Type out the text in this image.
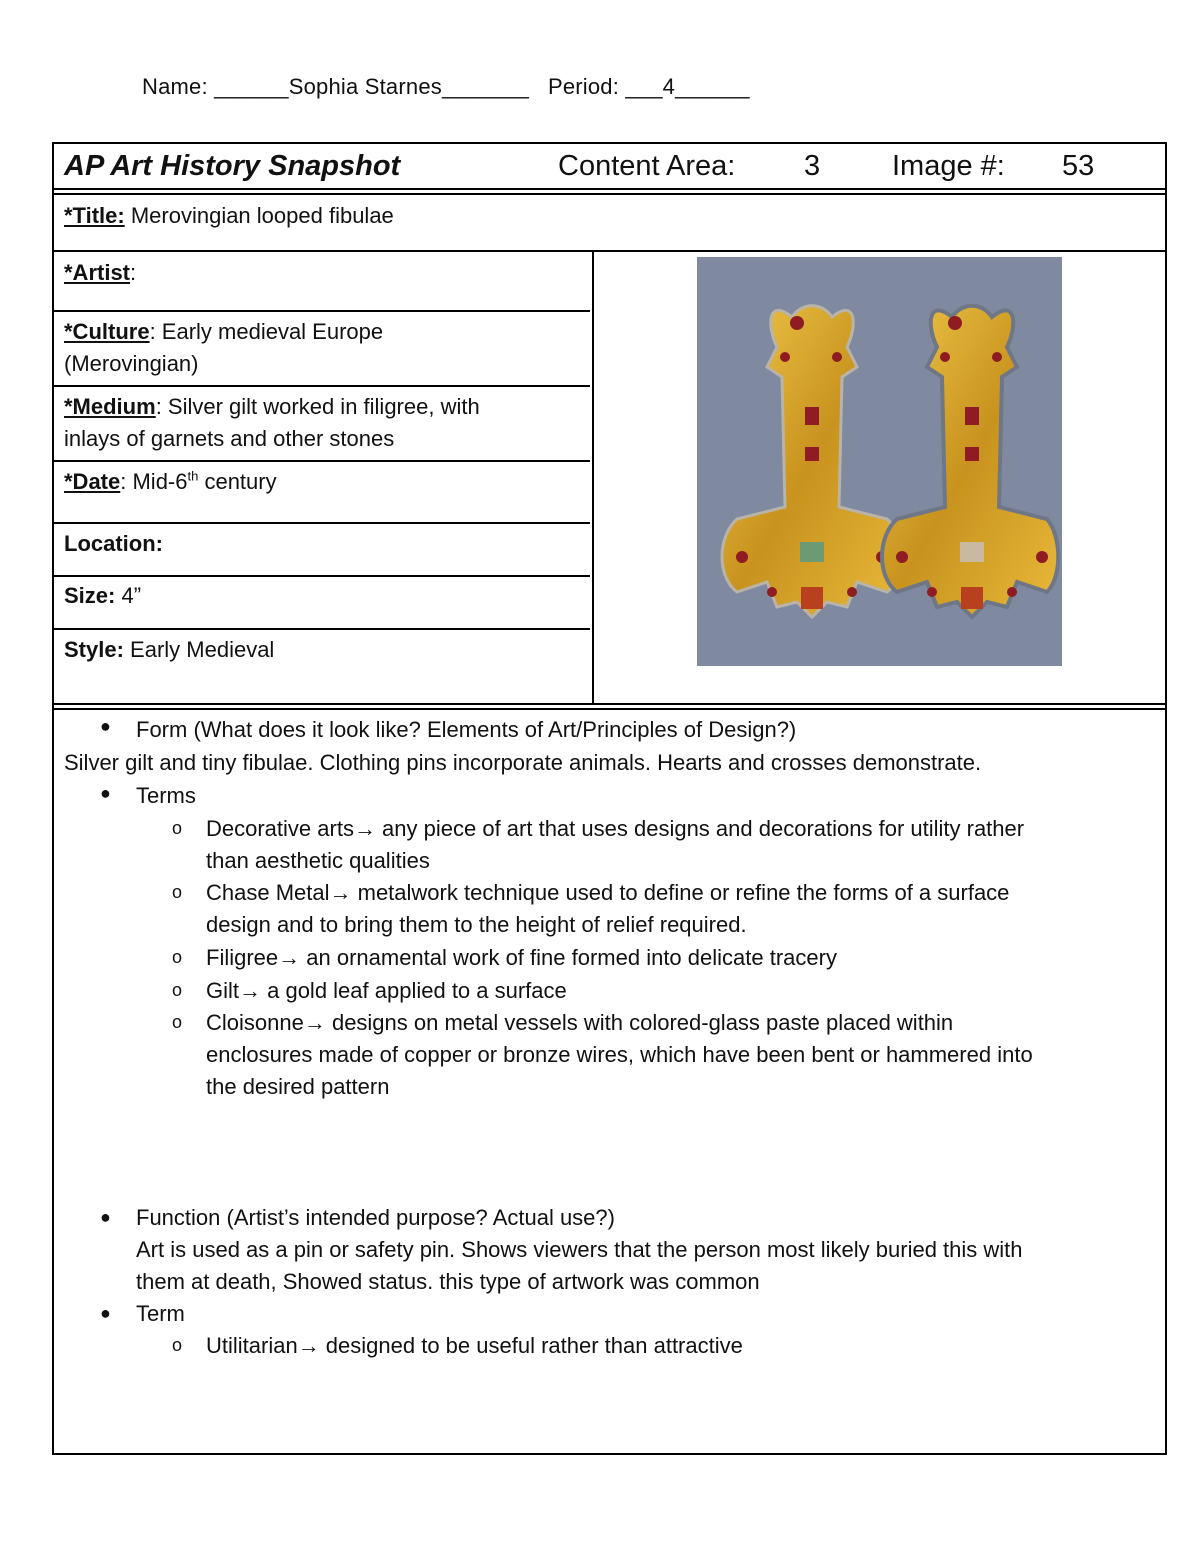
Name: ______Sophia Starnes_______   Period: ___4______
AP Art History Snapshot	Content Area: 3 Image #: 53
*Title: Merovingian looped fibulae
*Artist:
*Culture: Early medieval Europe
(Merovingian)
*Medium: Silver gilt worked in filigree, with
inlays of garnets and other stones
*Date: Mid-6th century
Location:
Size: 4”
Style: Early Medieval
● Form (What does it look like? Elements of Art/Principles of Design?)
Silver gilt and tiny fibulae. Clothing pins incorporate animals. Hearts and crosses demonstrate.
● Terms
o Decorative arts→ any piece of art that uses designs and decorations for utility rather
than aesthetic qualities
o Chase Metal→ metalwork technique used to define or refine the forms of a surface
design and to bring them to the height of relief required.
o Filigree→ an ornamental work of fine formed into delicate tracery
o Gilt→ a gold leaf applied to a surface
o Cloisonne→ designs on metal vessels with colored-glass paste placed within
enclosures made of copper or bronze wires, which have been bent or hammered into
the desired pattern
● Function (Artist’s intended purpose? Actual use?)
Art is used as a pin or safety pin. Shows viewers that the person most likely buried this with
them at death, Showed status. this type of artwork was common
● Term
o Utilitarian→ designed to be useful rather than attractive
